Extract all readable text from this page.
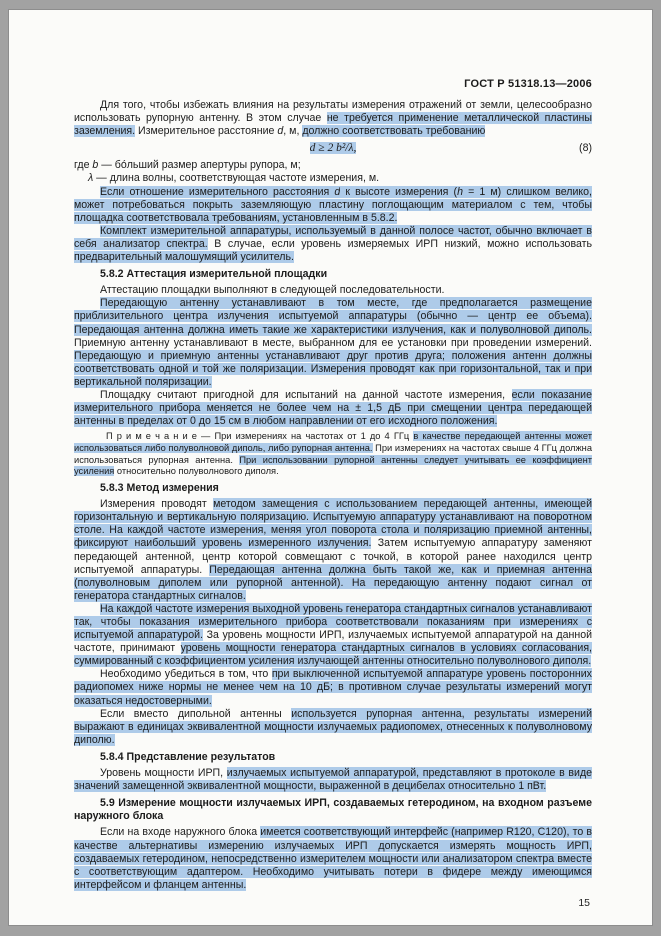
ГОСТ Р 51318.13—2006
Для того, чтобы избежать влияния на результаты измерения отражений от земли, целесообразно использовать рупорную антенну. В этом случае не требуется применение металлической пластины заземления. Измерительное расстояние d, м, должно соответствовать требованию
d ≥ 2 b²/λ,	(8)
где b — бо́льший размер апертуры рупора, м;
λ — длина волны, соответствующая частоте измерения, м.
Если отношение измерительного расстояния d к высоте измерения (h = 1 м) слишком велико, может потребоваться покрыть заземляющую пластину поглощающим материалом с тем, чтобы площадка соответствовала требованиям, установленным в 5.8.2.
Комплект измерительной аппаратуры, используемый в данной полосе частот, обычно включает в себя анализатор спектра. В случае, если уровень измеряемых ИРП низкий, можно использовать предварительный малошумящий усилитель.
5.8.2 Аттестация измерительной площадки
Аттестацию площадки выполняют в следующей последовательности.
Передающую антенну устанавливают в том месте, где предполагается размещение приблизительного центра излучения испытуемой аппаратуры (обычно — центр ее объема). Передающая антенна должна иметь такие же характеристики излучения, как и полуволновой диполь. Приемную антенну устанавливают в месте, выбранном для ее установки при проведении измерений. Передающую и приемную антенны устанавливают друг против друга; положения антенн должны соответствовать одной и той же поляризации. Измерения проводят как при горизонтальной, так и при вертикальной поляризации.
Площадку считают пригодной для испытаний на данной частоте измерения, если показание измерительного прибора меняется не более чем на ± 1,5 дБ при смещении центра передающей антенны в пределах от 0 до 15 см в любом направлении от его исходного положения.
П р и м е ч а н и е — При измерениях на частотах от 1 до 4 ГГц в качестве передающей антенны может использоваться либо полуволновой диполь, либо рупорная антенна. При измерениях на частотах свыше 4 ГГц должна использоваться рупорная антенна. При использовании рупорной антенны следует учитывать ее коэффициент усиления относительно полуволнового диполя.
5.8.3 Метод измерения
Измерения проводят методом замещения с использованием передающей антенны, имеющей горизонтальную и вертикальную поляризацию. Испытуемую аппаратуру устанавливают на поворотном столе. На каждой частоте измерения, меняя угол поворота стола и поляризацию приемной антенны, фиксируют наибольший уровень измеренного излучения. Затем испытуемую аппаратуру заменяют передающей антенной, центр которой совмещают с точкой, в которой ранее находился центр испытуемой аппаратуры. Передающая антенна должна быть такой же, как и приемная антенна (полуволновым диполем или рупорной антенной). На передающую антенну подают сигнал от генератора стандартных сигналов.
На каждой частоте измерения выходной уровень генератора стандартных сигналов устанавливают так, чтобы показания измерительного прибора соответствовали показаниям при измерениях с испытуемой аппаратурой. За уровень мощности ИРП, излучаемых испытуемой аппаратурой на данной частоте, принимают уровень мощности генератора стандартных сигналов в условиях согласования, суммированный с коэффициентом усиления излучающей антенны относительно полуволнового диполя.
Необходимо убедиться в том, что при выключенной испытуемой аппаратуре уровень посторонних радиопомех ниже нормы не менее чем на 10 дБ; в противном случае результаты измерений могут оказаться недостоверными.
Если вместо дипольной антенны используется рупорная антенна, результаты измерений выражают в единицах эквивалентной мощности излучаемых радиопомех, отнесенных к полуволновому диполю.
5.8.4 Представление результатов
Уровень мощности ИРП, излучаемых испытуемой аппаратурой, представляют в протоколе в виде значений замещенной эквивалентной мощности, выраженной в децибелах относительно 1 пВт.
5.9 Измерение мощности излучаемых ИРП, создаваемых гетеродином, на входном разъеме наружного блока
Если на входе наружного блока имеется соответствующий интерфейс (например R120, C120), то в качестве альтернативы измерению излучаемых ИРП допускается измерять мощность ИРП, создаваемых гетеродином, непосредственно измерителем мощности или анализатором спектра вместе с соответствующим адаптером. Необходимо учитывать потери в фидере между имеющимся интерфейсом и фланцем антенны.
15
